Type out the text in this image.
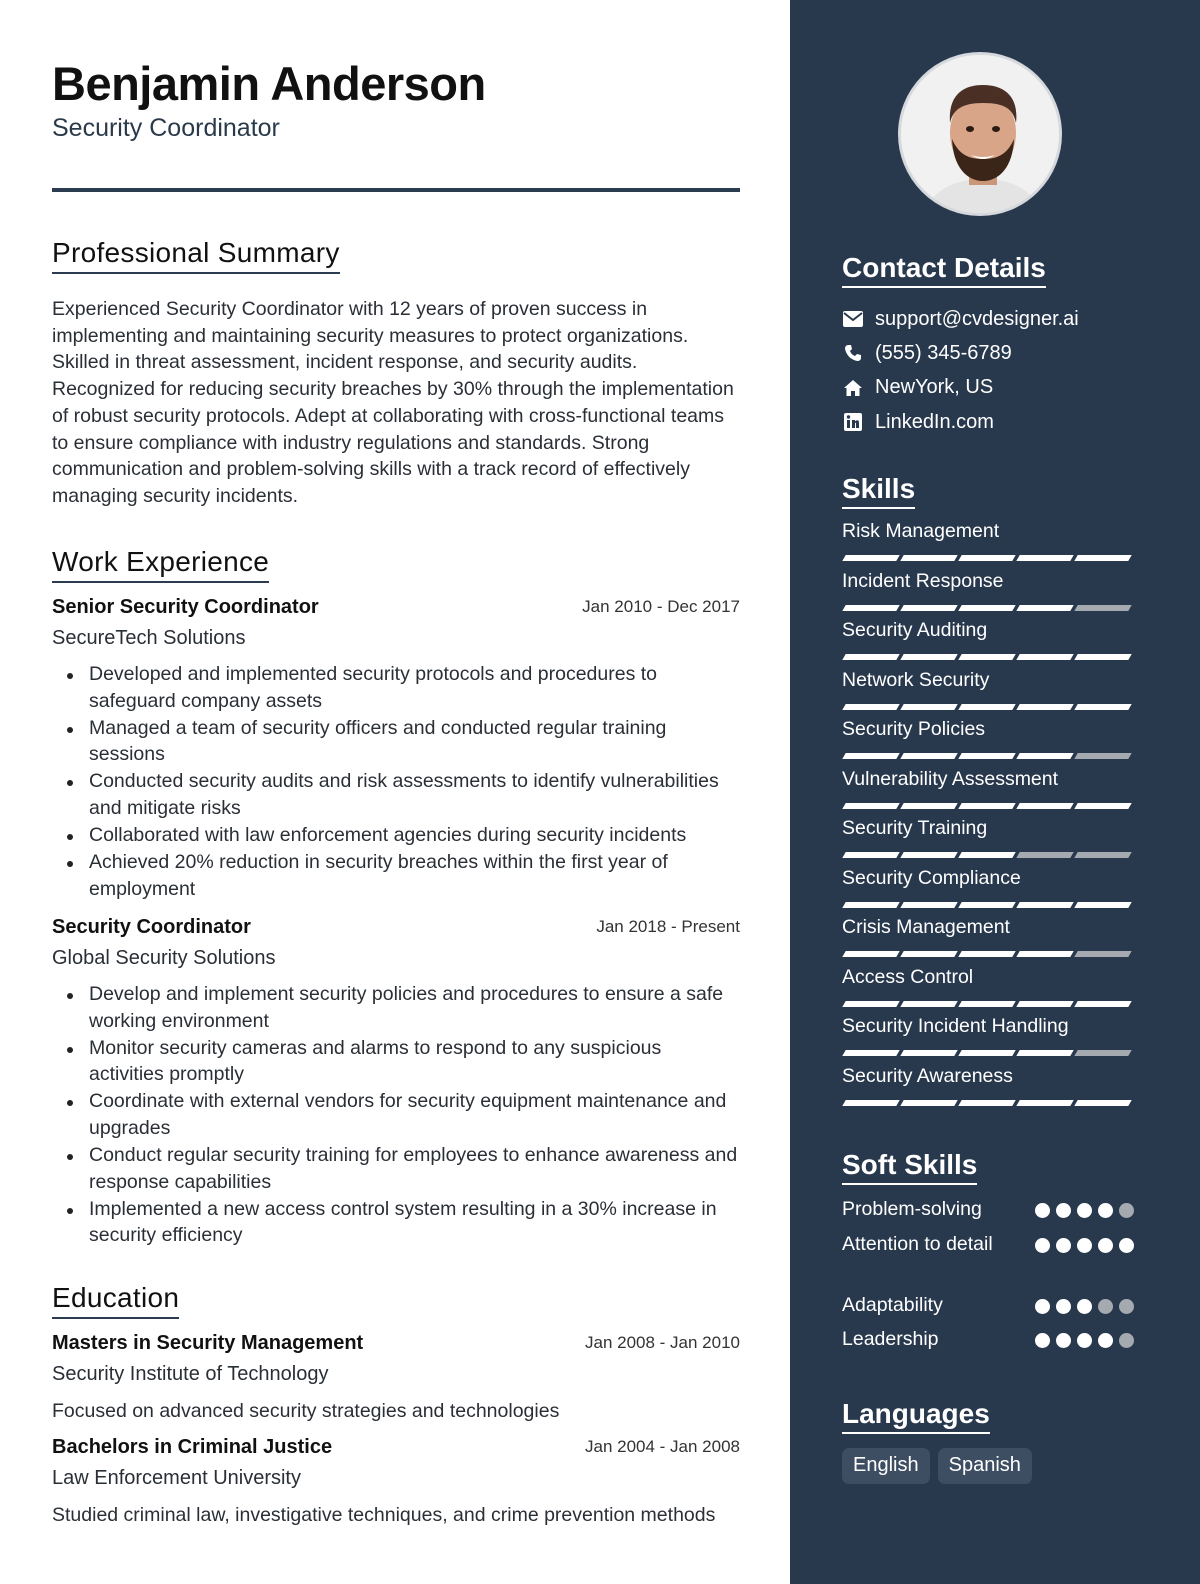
Benjamin Anderson
Security Coordinator
Professional Summary
Experienced Security Coordinator with 12 years of proven success in implementing and maintaining security measures to protect organizations. Skilled in threat assessment, incident response, and security audits. Recognized for reducing security breaches by 30% through the implementation of robust security protocols. Adept at collaborating with cross-functional teams to ensure compliance with industry regulations and standards. Strong communication and problem-solving skills with a track record of effectively managing security incidents.
Work Experience
Senior Security Coordinator	Jan 2010 - Dec 2017
SecureTech Solutions
Developed and implemented security protocols and procedures to safeguard company assets
Managed a team of security officers and conducted regular training sessions
Conducted security audits and risk assessments to identify vulnerabilities and mitigate risks
Collaborated with law enforcement agencies during security incidents
Achieved 20% reduction in security breaches within the first year of employment
Security Coordinator	Jan 2018 - Present
Global Security Solutions
Develop and implement security policies and procedures to ensure a safe working environment
Monitor security cameras and alarms to respond to any suspicious activities promptly
Coordinate with external vendors for security equipment maintenance and upgrades
Conduct regular security training for employees to enhance awareness and response capabilities
Implemented a new access control system resulting in a 30% increase in security efficiency
Education
Masters in Security Management	Jan 2008 - Jan 2010
Security Institute of Technology
Focused on advanced security strategies and technologies
Bachelors in Criminal Justice	Jan 2004 - Jan 2008
Law Enforcement University
Studied criminal law, investigative techniques, and crime prevention methods
Contact Details
support@cvdesigner.ai
(555) 345-6789
NewYork, US
LinkedIn.com
Skills
Risk Management
Incident Response
Security Auditing
Network Security
Security Policies
Vulnerability Assessment
Security Training
Security Compliance
Crisis Management
Access Control
Security Incident Handling
Security Awareness
Soft Skills
Problem-solving
Attention to detail
Adaptability
Leadership
Languages
English	Spanish
